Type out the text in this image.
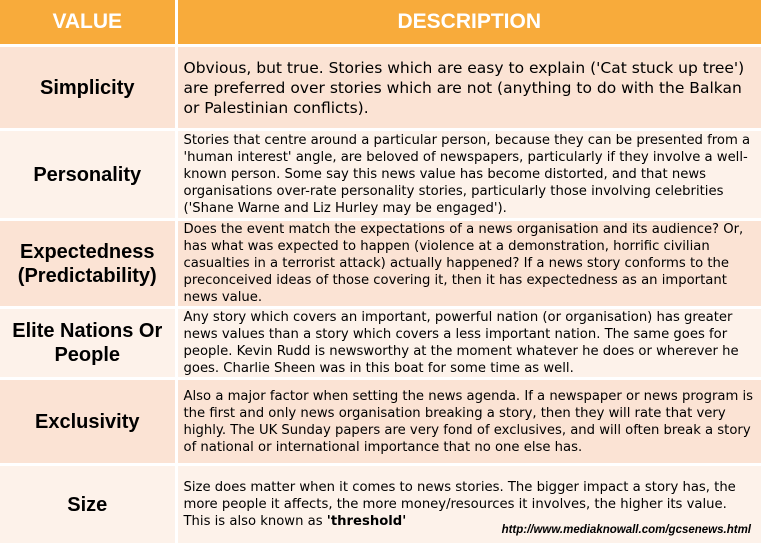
VALUE	DESCRIPTION
Simplicity	Obvious, but true. Stories which are easy to explain ('Cat stuck up tree') are preferred over stories which are not (anything to do with the Balkan or Palestinian conflicts).
Personality	Stories that centre around a particular person, because they can be presented from a 'human interest' angle, are beloved of newspapers, particularly if they involve a well-known person. Some say this news value has become distorted, and that news organisations over-rate personality stories, particularly those involving celebrities ('Shane Warne and Liz Hurley may be engaged').
Expectedness (Predictability)	Does the event match the expectations of a news organisation and its audience? Or, has what was expected to happen (violence at a demonstration, horrific civilian casualties in a terrorist attack) actually happened? If a news story conforms to the preconceived ideas of those covering it, then it has expectedness as an important news value.
Elite Nations Or People	Any story which covers an important, powerful nation (or organisation) has greater news values than a story which covers a less important nation. The same goes for people. Kevin Rudd is newsworthy at the moment whatever he does or wherever he goes. Charlie Sheen was in this boat for some time as well.
Exclusivity	Also a major factor when setting the news agenda. If a newspaper or news program is the first and only news organisation breaking a story, then they will rate that very highly. The UK Sunday papers are very fond of exclusives, and will often break a story of national or international importance that no one else has.
Size	Size does matter when it comes to news stories. The bigger impact a story has, the more people it affects, the more money/resources it involves, the higher its value. This is also known as 'threshold'
http://www.mediaknowall.com/gcsenews.html
